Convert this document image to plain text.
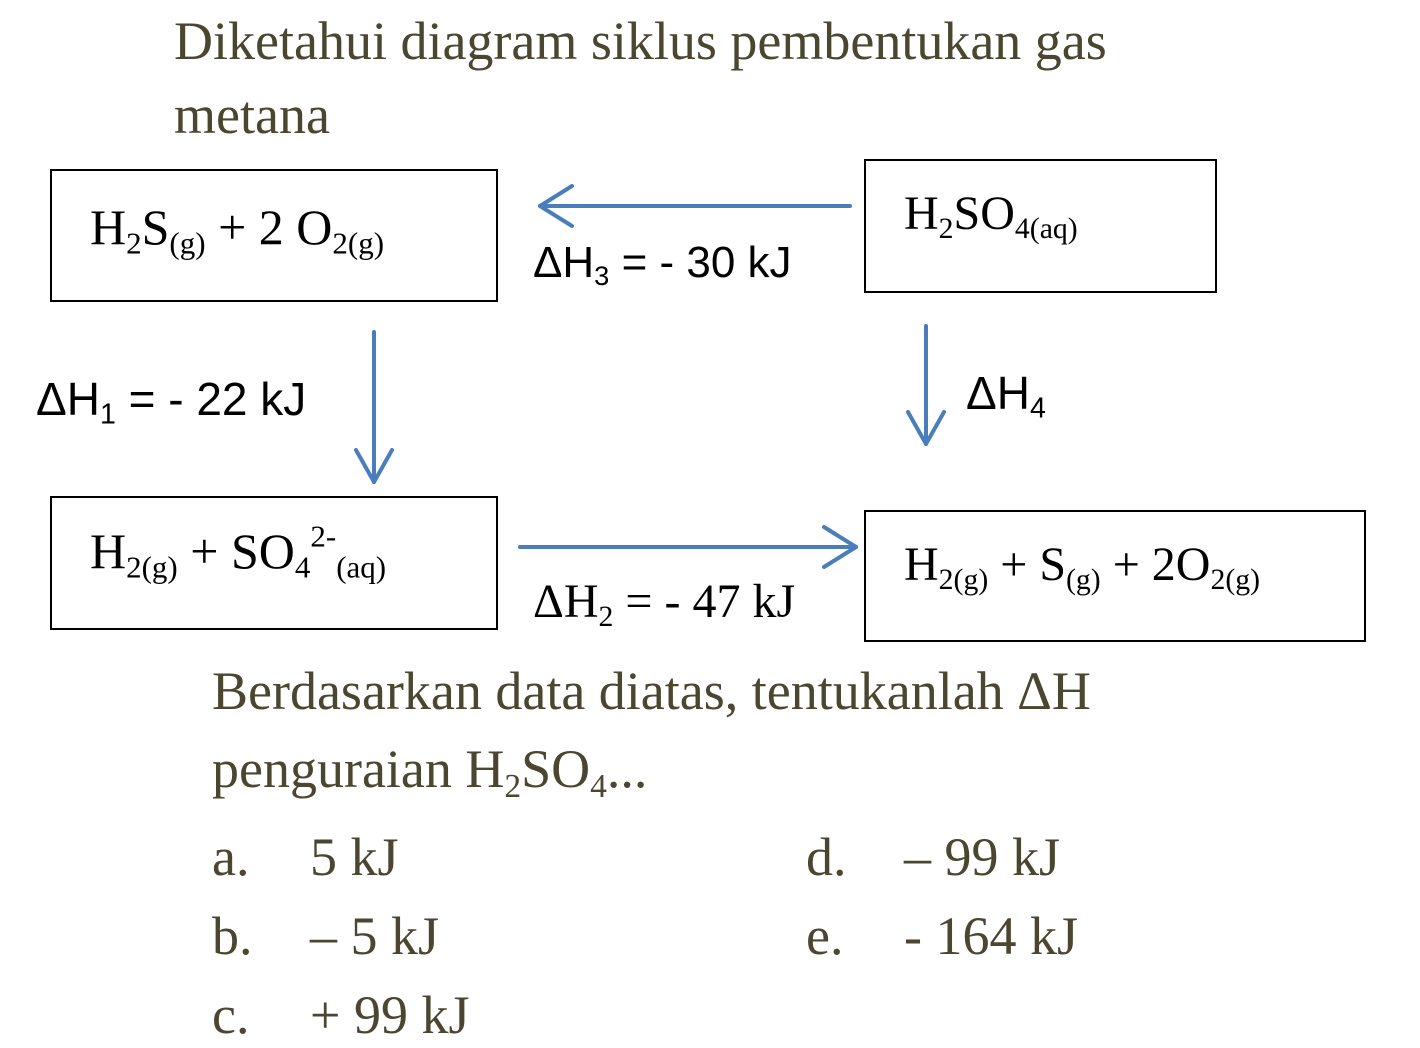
Diketahui diagram siklus pembentukan gas
metana
$H_2S_{(g)} + 2$ $O_{2(g)}$
$H_2SO_{4(aq)}$
$H_{2(g)} + SO_4^{2-}_{(aq)}$	$H_{2(g)} + S_{(g)} + 2O_{2(g)}$
$\Delta H_3$ = - 30 kJ
$\Delta H_1$ = - 22 kJ	$\Delta H_4$
$\Delta H_2$ = - 47 kJ
Berdasarkan data diatas, tentukanlah ΔH
penguraian $H_2SO_4$...
a. 5 kJ
b. – 5 kJ
c. + 99 kJ
d. – 99 kJ
e. - 164 kJ
